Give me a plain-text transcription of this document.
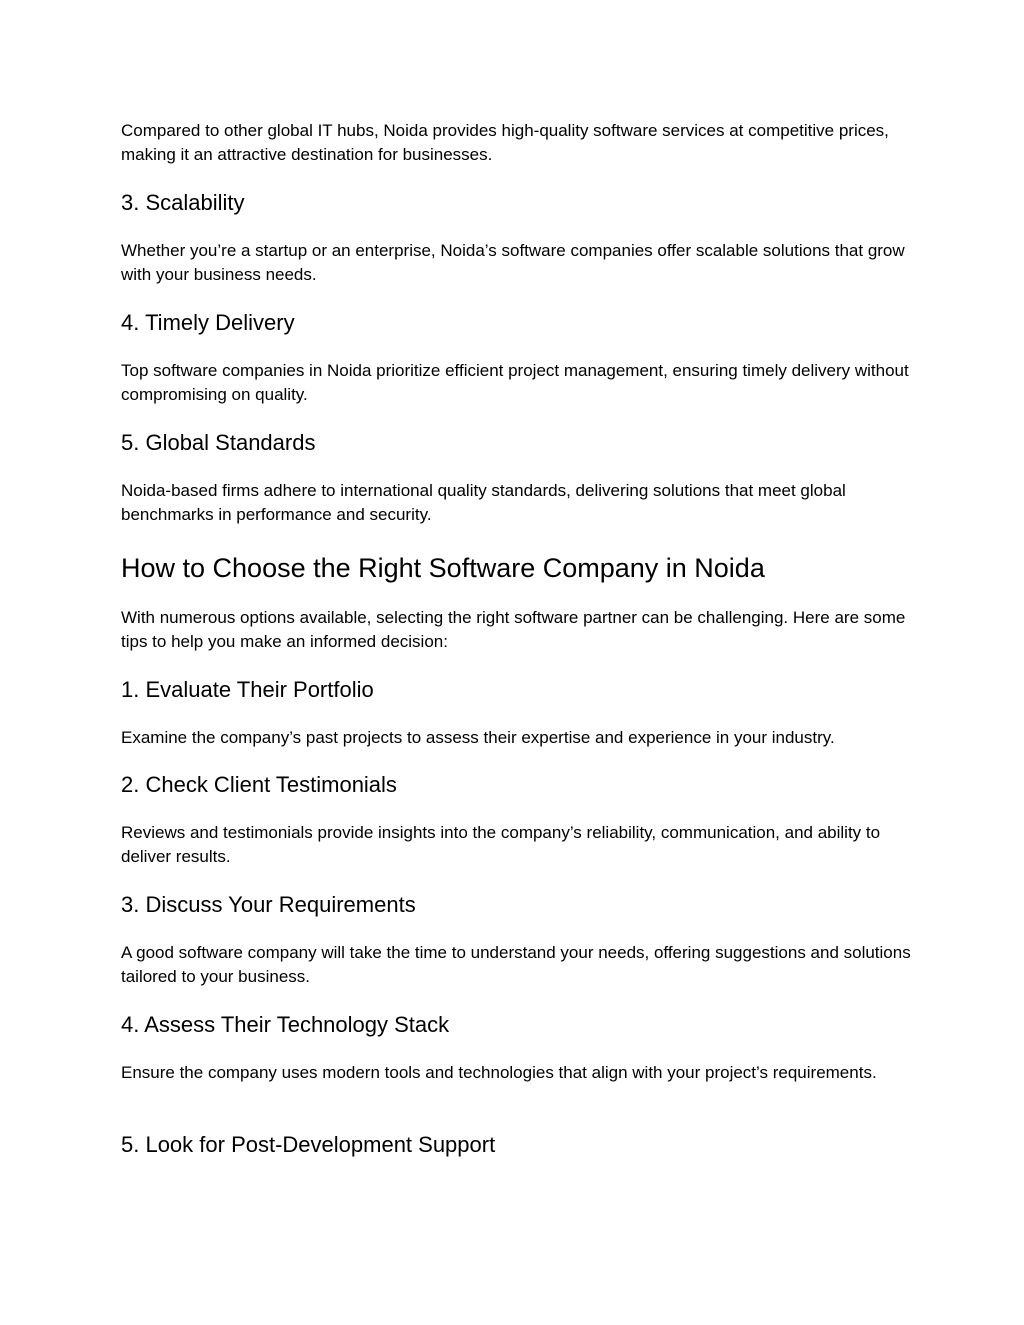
Compared to other global IT hubs, Noida provides high-quality software services at competitive prices, making it an attractive destination for businesses.

3. Scalability

Whether you’re a startup or an enterprise, Noida’s software companies offer scalable solutions that grow with your business needs.

4. Timely Delivery

Top software companies in Noida prioritize efficient project management, ensuring timely delivery without compromising on quality.

5. Global Standards

Noida-based firms adhere to international quality standards, delivering solutions that meet global benchmarks in performance and security.

How to Choose the Right Software Company in Noida

With numerous options available, selecting the right software partner can be challenging. Here are some tips to help you make an informed decision:

1. Evaluate Their Portfolio

Examine the company’s past projects to assess their expertise and experience in your industry.

2. Check Client Testimonials

Reviews and testimonials provide insights into the company’s reliability, communication, and ability to deliver results.

3. Discuss Your Requirements

A good software company will take the time to understand your needs, offering suggestions and solutions tailored to your business.

4. Assess Their Technology Stack

Ensure the company uses modern tools and technologies that align with your project’s requirements.

5. Look for Post-Development Support
